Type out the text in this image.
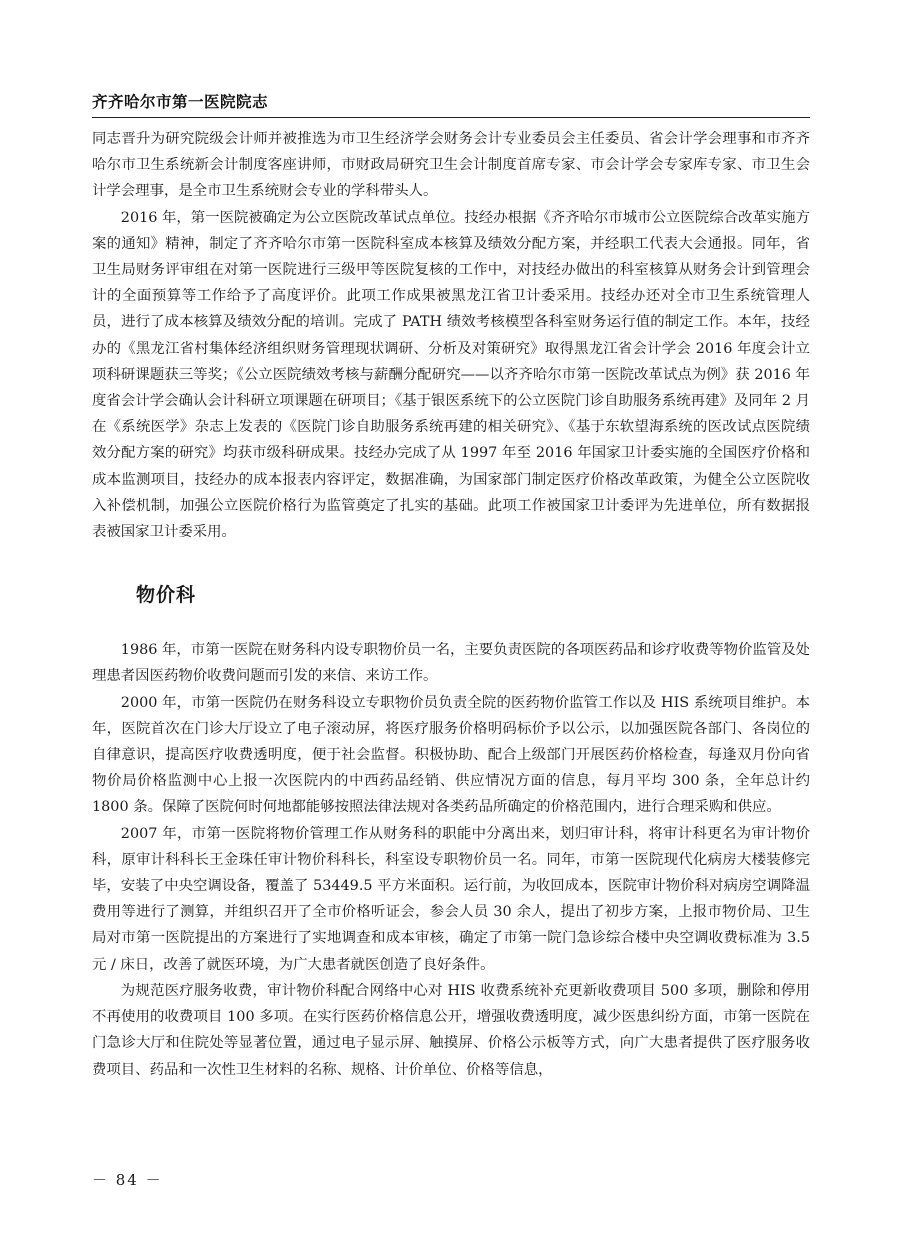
齐齐哈尔市第一医院院志

同志晋升为研究院级会计师并被推选为市卫生经济学会财务会计专业委员会主任委员、省会计学会理事和市齐齐哈尔市卫生系统新会计制度客座讲师，市财政局研究卫生会计制度首席专家、市会计学会专家库专家、市卫生会计学会理事，是全市卫生系统财会专业的学科带头人。

2016 年，第一医院被确定为公立医院改革试点单位。技经办根据《齐齐哈尔市城市公立医院综合改革实施方案的通知》精神，制定了齐齐哈尔市第一医院科室成本核算及绩效分配方案，并经职工代表大会通报。同年，省卫生局财务评审组在对第一医院进行三级甲等医院复核的工作中，对技经办做出的科室核算从财务会计到管理会计的全面预算等工作给予了高度评价。此项工作成果被黑龙江省卫计委采用。技经办还对全市卫生系统管理人员，进行了成本核算及绩效分配的培训。完成了 PATH 绩效考核模型各科室财务运行值的制定工作。本年，技经办的《黑龙江省村集体经济组织财务管理现状调研、分析及对策研究》取得黑龙江省会计学会 2016 年度会计立项科研课题获三等奖；《公立医院绩效考核与薪酬分配研究——以齐齐哈尔市第一医院改革试点为例》获 2016 年度省会计学会确认会计科研立项课题在研项目；《基于银医系统下的公立医院门诊自助服务系统再建》及同年 2 月在《系统医学》杂志上发表的《医院门诊自助服务系统再建的相关研究》、《基于东软望海系统的医改试点医院绩效分配方案的研究》均获市级科研成果。技经办完成了从 1997 年至 2016 年国家卫计委实施的全国医疗价格和成本监测项目，技经办的成本报表内容评定，数据准确，为国家部门制定医疗价格改革政策，为健全公立医院收入补偿机制，加强公立医院价格行为监管奠定了扎实的基础。此项工作被国家卫计委评为先进单位，所有数据报表被国家卫计委采用。

物价科

1986 年，市第一医院在财务科内设专职物价员一名，主要负责医院的各项医药品和诊疗收费等物价监管及处理患者因医药物价收费问题而引发的来信、来访工作。

2000 年，市第一医院仍在财务科设立专职物价员负责全院的医药物价监管工作以及 HIS 系统项目维护。本年，医院首次在门诊大厅设立了电子滚动屏，将医疗服务价格明码标价予以公示，以加强医院各部门、各岗位的自律意识，提高医疗收费透明度，便于社会监督。积极协助、配合上级部门开展医药价格检查，每逢双月份向省物价局价格监测中心上报一次医院内的中西药品经销、供应情况方面的信息，每月平均 300 条，全年总计约 1800 条。保障了医院何时何地都能够按照法律法规对各类药品所确定的价格范围内，进行合理采购和供应。

2007 年，市第一医院将物价管理工作从财务科的职能中分离出来，划归审计科，将审计科更名为审计物价科，原审计科科长王金珠任审计物价科科长，科室设专职物价员一名。同年，市第一医院现代化病房大楼装修完毕，安装了中央空调设备，覆盖了 53449.5 平方米面积。运行前，为收回成本，医院审计物价科对病房空调降温费用等进行了测算，并组织召开了全市价格听证会，参会人员 30 余人，提出了初步方案，上报市物价局、卫生局对市第一医院提出的方案进行了实地调查和成本审核，确定了市第一院门急诊综合楼中央空调收费标准为 3.5 元 / 床日，改善了就医环境，为广大患者就医创造了良好条件。

为规范医疗服务收费，审计物价科配合网络中心对 HIS 收费系统补充更新收费项目 500 多项，删除和停用不再使用的收费项目 100 多项。在实行医药价格信息公开，增强收费透明度，减少医患纠纷方面，市第一医院在门急诊大厅和住院处等显著位置，通过电子显示屏、触摸屏、价格公示板等方式，向广大患者提供了医疗服务收费项目、药品和一次性卫生材料的名称、规格、计价单位、价格等信息，

－ 84 －
